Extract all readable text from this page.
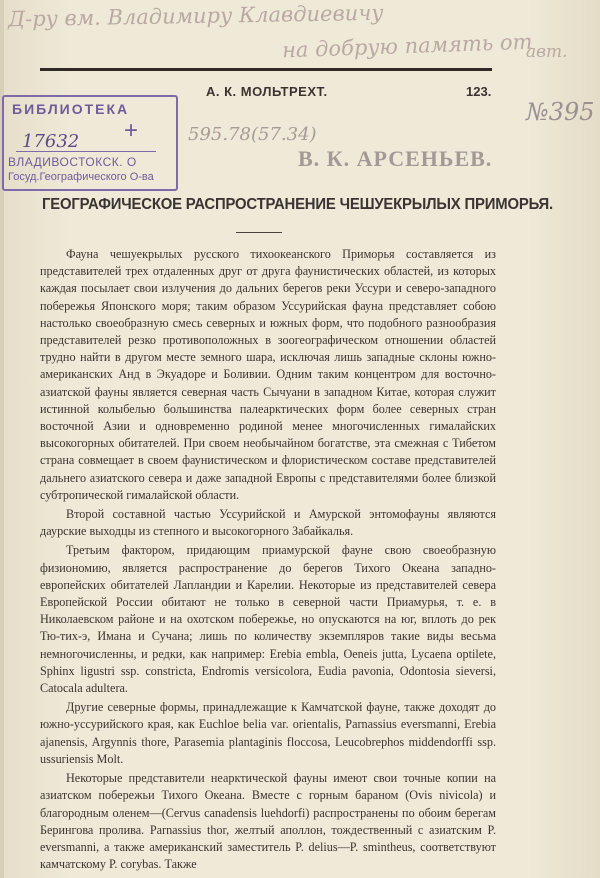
Д-ру вм. Владимиру Клавдиевичу
на добрую память от
авт.
А. К. МОЛЬТРЕХТ.	123.
БИБЛИОТЕКА
+
17632
ВЛАДИВОСТОКСК. О
Госуд.Географического О-ва
595.78(57.34)
В. К. АРСЕНЬЕВ.
№395
ГЕОГРАФИЧЕСКОЕ РАСПРОСТРАНЕНИЕ ЧЕШУЕКРЫЛЫХ ПРИМОРЬЯ.

Фауна чешуекрылых русского тихоокеанского Приморья составляется из представителей трех отдаленных друг от друга фаунистических областей, из которых каждая посылает свои излучения до дальних берегов реки Уссури и северо-западного побережья Японского моря; таким образом Уссурийская фауна представляет собою настолько своеобразную смесь северных и южных форм, что подобного разнообразия представителей резко противоположных в зоогеографическом отношении областей трудно найти в другом месте земного шара, исключая лишь западные склоны южно-американских Анд в Экуадоре и Боливии. Одним таким концентром для восточно-азиатской фауны является северная часть Сычуани в западном Китае, которая служит истинной колыбелью большинства палеарктических форм более северных стран восточной Азии и одновременно родиной менее многочисленных гималайских высокогорных обитателей. При своем необычайном богатстве, эта смежная с Тибетом страна совмещает в своем фаунистическом и флористическом составе представителей дальнего азиатского севера и даже западной Европы с представителями более близкой субтропической гималайской области.

Второй составной частью Уссурийской и Амурской энтомофауны являются даурские выходцы из степного и высокогорного Забайкалья.

Третьим фактором, придающим приамурской фауне свою своеобразную физиономию, является распространение до берегов Тихого Океана западно-европейских обитателей Лапландии и Карелии. Некоторые из представителей севера Европейской России обитают не только в северной части Приамурья, т. е. в Николаевском районе и на охотском побережье, но опускаются на юг, вплоть до рек Тю-тих-э, Имана и Сучана; лишь по количеству экземпляров такие виды весьма немногочисленны, и редки, как например: Erebia embla, Oeneis jutta, Lycaena optilete, Sphinx ligustri ssp. constricta, Endromis versicolora, Eudia pavonia, Odontosia sieversi, Catocala adultera.

Другие северные формы, принадлежащие к Камчатской фауне, также доходят до южно-уссурийского края, как Euchloe belia var. orientalis, Parnassius eversmanni, Erebia ajanensis, Argynnis thore, Parasemia plantaginis floccosa, Leucobrephos middendorffi ssp. ussuriensis Molt.

Некоторые представители неарктической фауны имеют свои точные копии на азиатском побережьи Тихого Океана. Вместе с горным бараном (Ovis nivicola) и благородным оленем—(Cervus canadensis luehdorfi) распространены по обоим берегам Берингова пролива. Parnassius thor, желтый аполлон, тождественный с азиатским P. eversmanni, а также американский заместитель P. delius—P. smintheus, соответствуют камчатскому P. corybas. Также
